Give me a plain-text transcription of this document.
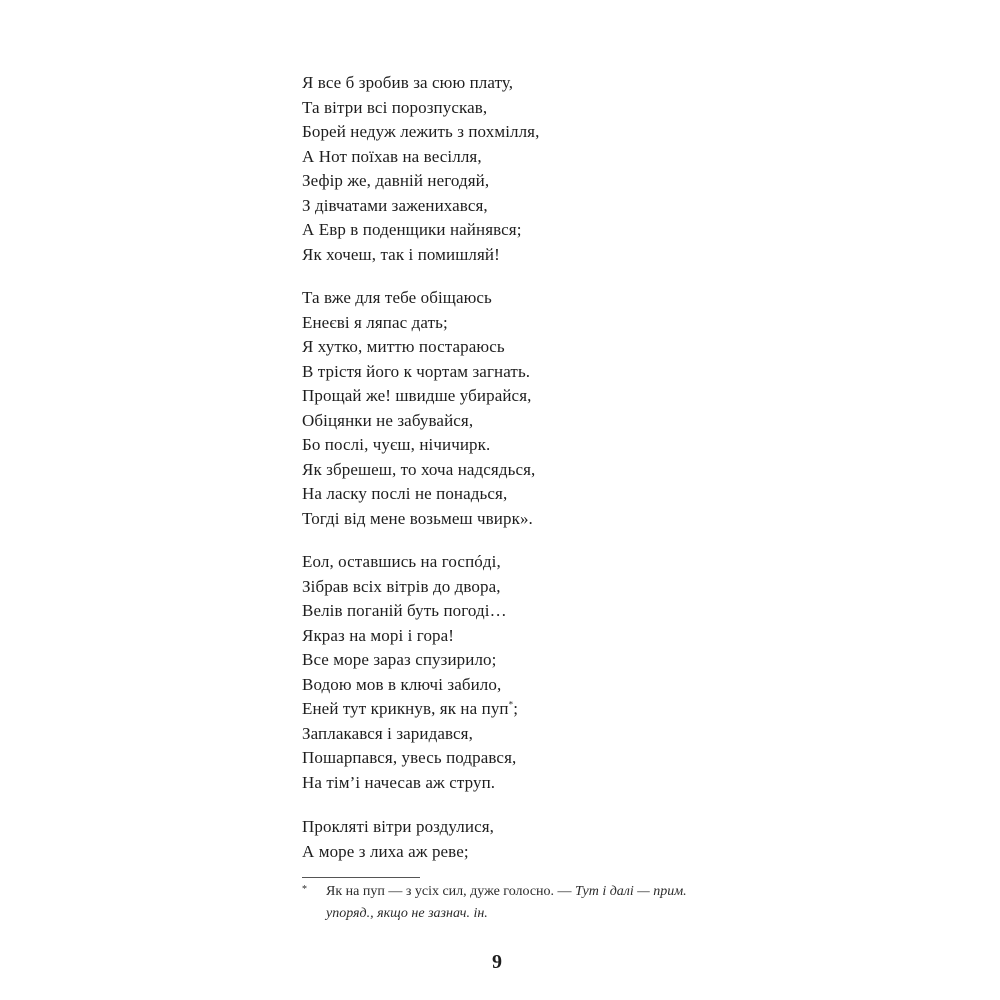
Я все б зробив за сюю плату,
Та вітри всі порозпускав,
Борей недуж лежить з похмілля,
А Нот поїхав на весілля,
Зефір же, давній негодяй,
З дівчатами заженихався,
А Евр в поденщики найнявся;
Як хочеш, так і помишляй!
Та вже для тебе обіщаюсь
Енеєві я ляпас дать;
Я хутко, миттю постараюсь
В трістя його к чортам загнать.
Прощай же! швидше убирайся,
Обіцянки не забувайся,
Бо послі, чуєш, нічичирк.
Як збрешеш, то хоча надсядься,
На ласку послі не понадься,
Тогді від мене возьмеш чвирк».
Еол, оставшись на госпóді,
Зібрав всіх вітрів до двора,
Велів поганій буть погоді…
Якраз на морі і гора!
Все море зараз спузирило;
Водою мов в ключі забило,
Еней тут крикнув, як на пуп*;
Заплакався і заридався,
Пошарпався, увесь подрався,
На тім’і начесав аж струп.
Проклятi вітри роздулися,
А море з лиха аж реве;
*	Як на пуп — з усіх сил, дуже голосно. — Тут і далі — прим.
упоряд., якщо не зазнач. ін.
9
